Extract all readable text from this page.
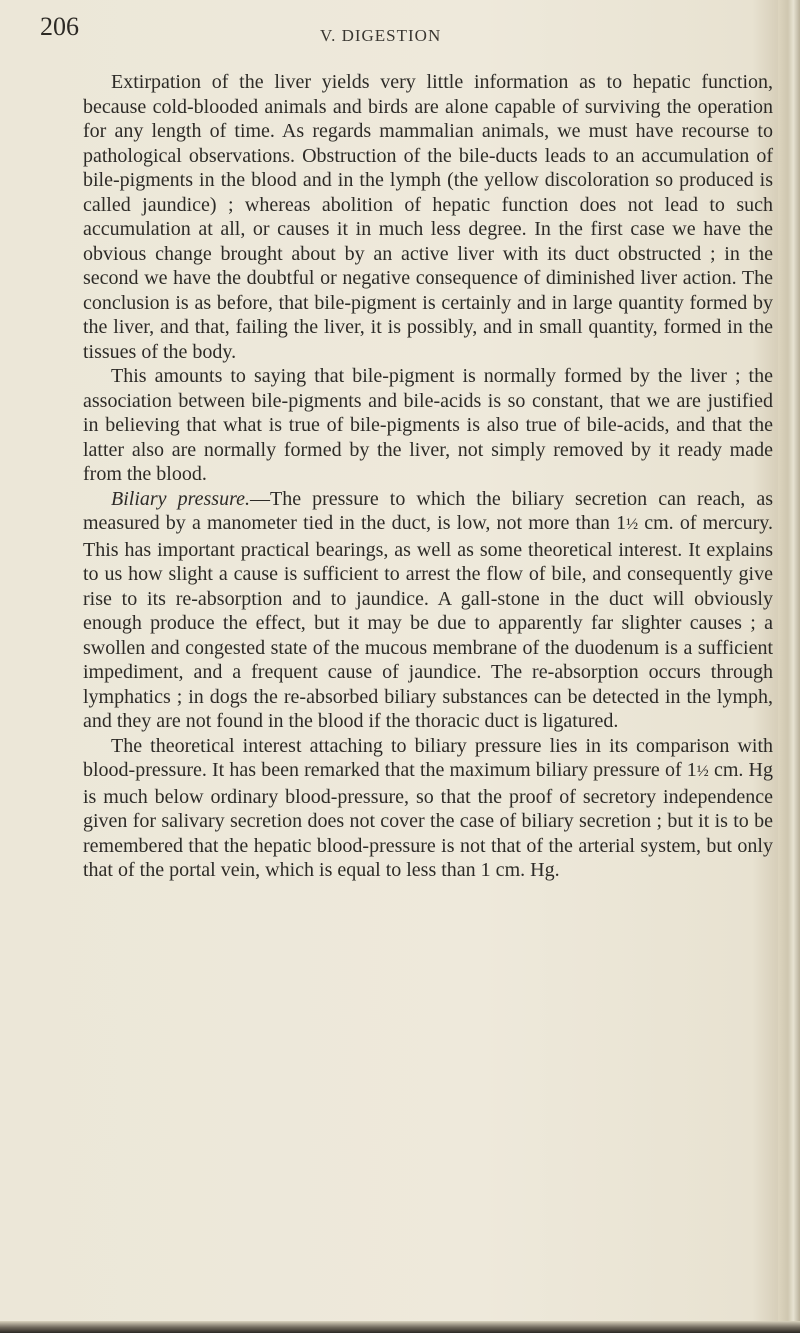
206	V. DIGESTION

Extirpation of the liver yields very little information as to hepatic function, because cold-blooded animals and birds are alone capable of surviving the operation for any length of time. As regards mammalian animals, we must have recourse to pathological observations. Obstruction of the bile-ducts leads to an accumulation of bile-pigments in the blood and in the lymph (the yellow discoloration so produced is called jaundice) ; whereas abolition of hepatic function does not lead to such accumulation at all, or causes it in much less degree. In the first case we have the obvious change brought about by an active liver with its duct obstructed ; in the second we have the doubtful or negative consequence of diminished liver action. The conclusion is as before, that bile-pigment is certainly and in large quantity formed by the liver, and that, failing the liver, it is possibly, and in small quantity, formed in the tissues of the body.

This amounts to saying that bile-pigment is normally formed by the liver ; the association between bile-pigments and bile-acids is so constant, that we are justified in believing that what is true of bile-pigments is also true of bile-acids, and that the latter also are normally formed by the liver, not simply removed by it ready made from the blood.

Biliary pressure.—The pressure to which the biliary secretion can reach, as measured by a manometer tied in the duct, is low, not more than 1½ cm. of mercury. This has important practical bearings, as well as some theoretical interest. It explains to us how slight a cause is sufficient to arrest the flow of bile, and consequently give rise to its re-absorption and to jaundice. A gall-stone in the duct will obviously enough produce the effect, but it may be due to apparently far slighter causes ; a swollen and congested state of the mucous membrane of the duodenum is a sufficient impediment, and a frequent cause of jaundice. The re-absorption occurs through lymphatics ; in dogs the re-absorbed biliary substances can be detected in the lymph, and they are not found in the blood if the thoracic duct is ligatured.

The theoretical interest attaching to biliary pressure lies in its comparison with blood-pressure. It has been remarked that the maximum biliary pressure of 1½ cm. Hg is much below ordinary blood-pressure, so that the proof of secretory independence given for salivary secretion does not cover the case of biliary secretion ; but it is to be remembered that the hepatic blood-pressure is not that of the arterial system, but only that of the portal vein, which is equal to less than 1 cm. Hg.
